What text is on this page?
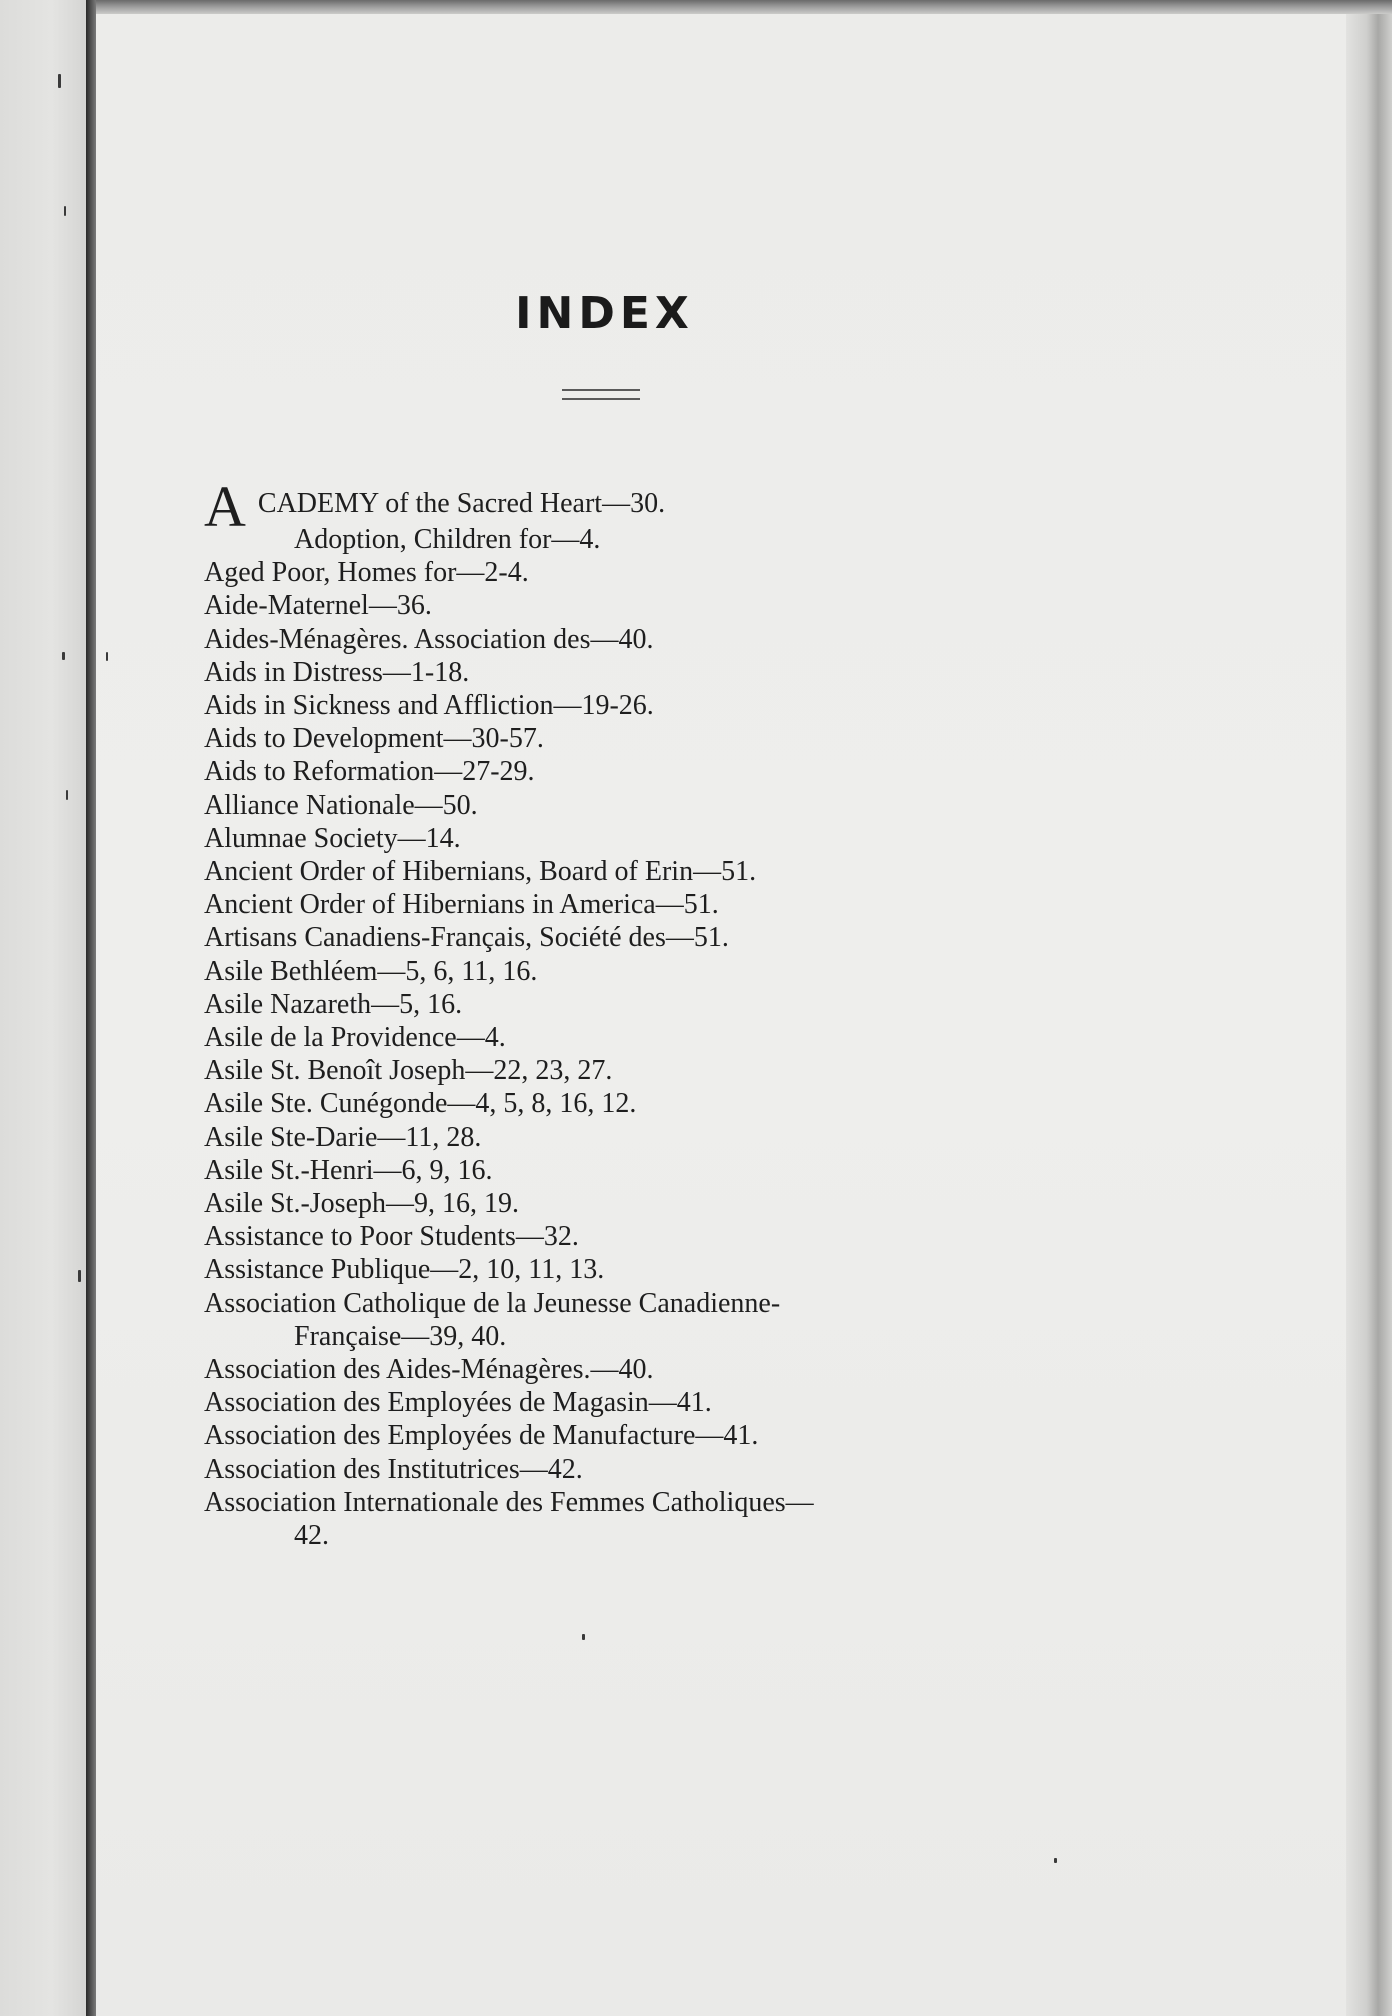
INDEX
ACADEMY of the Sacred Heart—30.
Adoption, Children for—4.
Aged Poor, Homes for—2-4.
Aide-Maternel—36.
Aides-Ménagères. Association des—40.
Aids in Distress—1-18.
Aids in Sickness and Affliction—19-26.
Aids to Development—30-57.
Aids to Reformation—27-29.
Alliance Nationale—50.
Alumnae Society—14.
Ancient Order of Hibernians, Board of Erin—51.
Ancient Order of Hibernians in America—51.
Artisans Canadiens-Français, Société des—51.
Asile Bethléem—5, 6, 11, 16.
Asile Nazareth—5, 16.
Asile de la Providence—4.
Asile St. Benoît Joseph—22, 23, 27.
Asile Ste. Cunégonde—4, 5, 8, 16, 12.
Asile Ste-Darie—11, 28.
Asile St.-Henri—6, 9, 16.
Asile St.-Joseph—9, 16, 19.
Assistance to Poor Students—32.
Assistance Publique—2, 10, 11, 13.
Association Catholique de la Jeunesse Canadienne-
Française—39, 40.
Association des Aides-Ménagères.—40.
Association des Employées de Magasin—41.
Association des Employées de Manufacture—41.
Association des Institutrices—42.
Association Internationale des Femmes Catholiques—
42.
